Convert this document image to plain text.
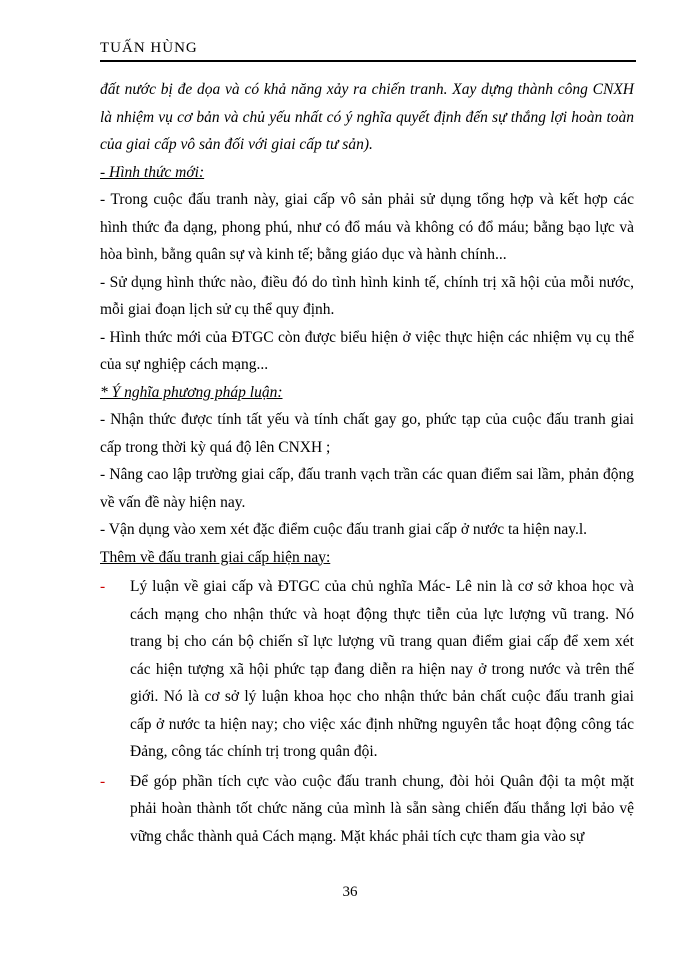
TUẤN HÙNG

đất nước bị đe dọa và có khả năng xảy ra chiến tranh. Xay dựng thành công CNXH là nhiệm vụ cơ bản và chủ yếu nhất có ý nghĩa quyết định đến sự thắng lợi hoàn toàn của giai cấp vô sản đối với giai cấp tư sản).

- Hình thức mới:

- Trong cuộc đấu tranh này, giai cấp vô sản phải sử dụng tổng hợp và kết hợp các hình thức đa dạng, phong phú, như có đổ máu và không có đổ máu; bằng bạo lực và hòa bình, bằng quân sự và kinh tế; bằng giáo dục và hành chính...

- Sử dụng hình thức nào, điều đó do tình hình kinh tế, chính trị xã hội của mỗi nước, mỗi giai đoạn lịch sử cụ thể quy định.

- Hình thức mới của ĐTGC còn được biểu hiện ở việc thực hiện các nhiệm vụ cụ thể của sự nghiệp cách mạng...

* Ý nghĩa phương pháp luận:

- Nhận thức được tính tất yếu và tính chất gay go, phức tạp của cuộc đấu tranh giai cấp trong thời kỳ quá độ lên CNXH ;

- Nâng cao lập trường giai cấp, đấu tranh vạch trần các quan điểm sai lầm, phản động về vấn đề này hiện nay.

- Vận dụng vào xem xét đặc điểm cuộc đấu tranh giai cấp ở nước ta hiện nay.l.

Thêm về đấu tranh giai cấp hiện nay:

- Lý luận về giai cấp và ĐTGC của chủ nghĩa Mác- Lê nin là cơ sở khoa học và cách mạng cho nhận thức và hoạt động thực tiễn của lực lượng vũ trang. Nó trang bị cho cán bộ chiến sĩ lực lượng vũ trang quan điểm giai cấp để xem xét các hiện tượng xã hội phức tạp đang diễn ra hiện nay ở trong nước và trên thế giới. Nó là cơ sở lý luận khoa học cho nhận thức bản chất cuộc đấu tranh giai cấp ở nước ta hiện nay; cho việc xác định những nguyên tắc hoạt động công tác Đảng, công tác chính trị trong quân đội.

- Để góp phần tích cực vào cuộc đấu tranh chung, đòi hỏi Quân đội ta một mặt phải hoàn thành tốt chức năng của mình là sẵn sàng chiến đấu thắng lợi bảo vệ vững chắc thành quả Cách mạng. Mặt khác phải tích cực tham gia vào sự

36
